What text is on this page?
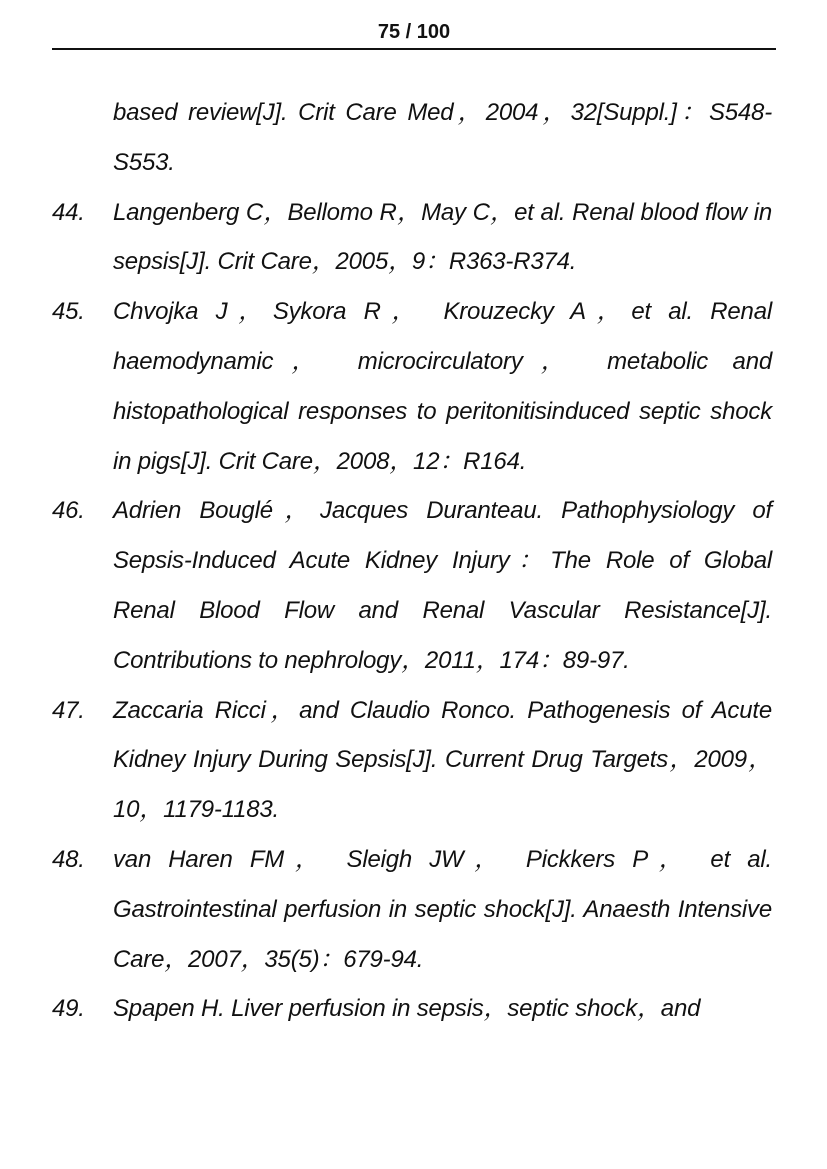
75 / 100
based review[J]. Crit Care Med，2004，32[Suppl.]：S548-S553.
44. Langenberg C，Bellomo R，May C，et al. Renal blood flow in sepsis[J]. Crit Care，2005，9：R363-R374.
45. Chvojka J，Sykora R， Krouzecky A，et al. Renal haemodynamic， microcirculatory， metabolic and histopathological responses to peritonitisinduced septic shock in pigs[J]. Crit Care，2008，12：R164.
46. Adrien Bouglé，Jacques Duranteau. Pathophysiology of Sepsis-Induced Acute Kidney Injury：The Role of Global Renal Blood Flow and Renal Vascular Resistance[J]. Contributions to nephrology，2011，174：89-97.
47. Zaccaria Ricci，and Claudio Ronco. Pathogenesis of Acute Kidney Injury During Sepsis[J]. Current Drug Targets，2009，10，1179-1183.
48. van Haren FM， Sleigh JW， Pickkers P， et al. Gastrointestinal perfusion in septic shock[J]. Anaesth Intensive Care，2007，35(5)：679-94.
49. Spapen H. Liver perfusion in sepsis，septic shock，and
